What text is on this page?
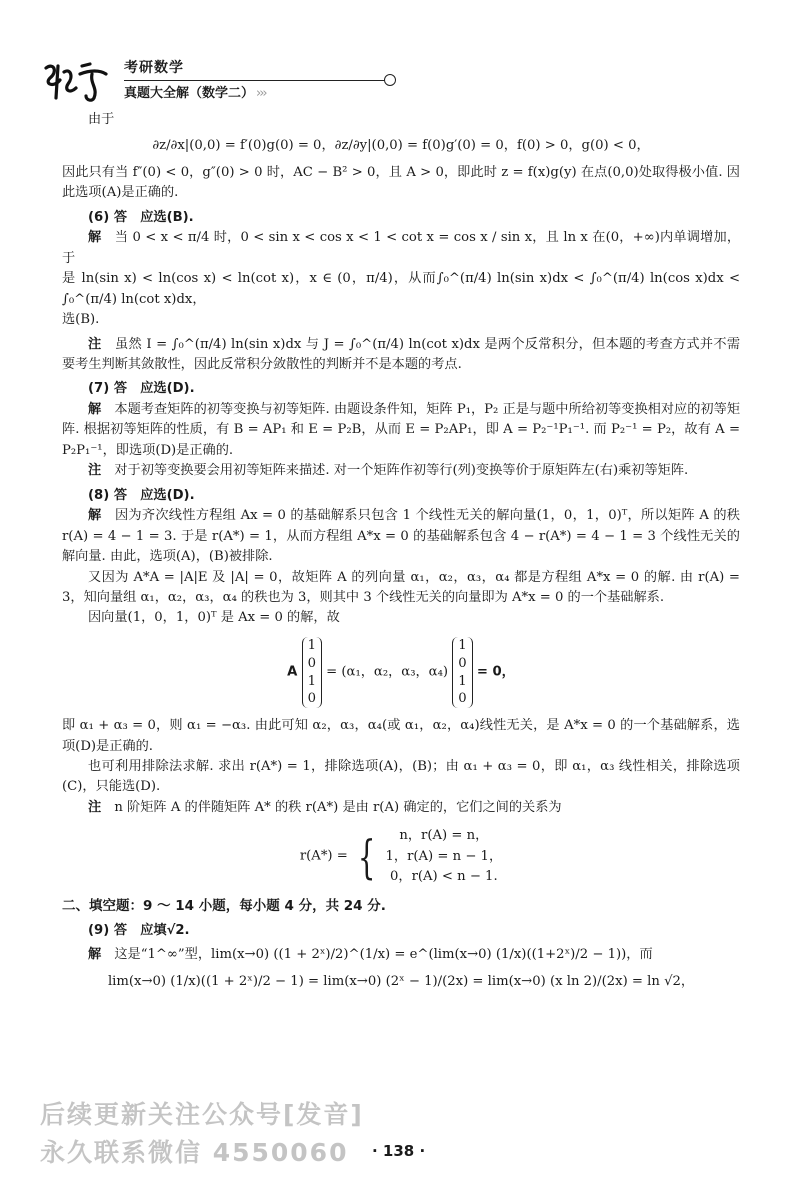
考研数学
真题大全解（数学二） ›››

由于

∂z/∂x|(0,0) = f′(0)g(0) = 0，∂z/∂y|(0,0) = f(0)g′(0) = 0，f(0) > 0，g(0) < 0，

因此只有当 f″(0) < 0，g″(0) > 0 时，AC − B² > 0，且 A > 0，即此时 z = f(x)g(y) 在点(0,0)处取得极小值. 因此选项(A)是正确的.

(6) 答　应选(B).

解　 当 0 < x < π/4 时，0 < sin x < cos x < 1 < cot x = cos x / sin x，且 ln x 在(0，+∞)内单调增加，于

是 ln(sin x) < ln(cos x) < ln(cot x)，x ∈ (0，π/4)，从而∫₀^(π/4) ln(sin x)dx < ∫₀^(π/4) ln(cos x)dx < ∫₀^(π/4) ln(cot x)dx，

选(B).

注　 虽然 I = ∫₀^(π/4) ln(sin x)dx 与 J = ∫₀^(π/4) ln(cot x)dx 是两个反常积分，但本题的考查方式并不需要考生判断其敛散性，因此反常积分敛散性的判断并不是本题的考点.

(7) 答　应选(D).

解　 本题考查矩阵的初等变换与初等矩阵. 由题设条件知，矩阵 P₁，P₂ 正是与题中所给初等变换相对应的初等矩阵. 根据初等矩阵的性质，有 B = AP₁ 和 E = P₂B，从而 E = P₂AP₁，即 A = P₂⁻¹P₁⁻¹. 而 P₂⁻¹ = P₂，故有 A = P₂P₁⁻¹，即选项(D)是正确的.

注　 对于初等变换要会用初等矩阵来描述. 对一个矩阵作初等行(列)变换等价于原矩阵左(右)乘初等矩阵.

(8) 答　应选(D).

解　 因为齐次线性方程组 Ax = 0 的基础解系只包含 1 个线性无关的解向量(1，0，1，0)ᵀ，所以矩阵 A 的秩 r(A) = 4 − 1 = 3. 于是 r(A*) = 1，从而方程组 A*x = 0 的基础解系包含 4 − r(A*) = 4 − 1 = 3 个线性无关的解向量. 由此，选项(A)，(B)被排除.

又因为 A*A = |A|E 及 |A| = 0，故矩阵 A 的列向量 α₁，α₂，α₃，α₄ 都是方程组 A*x = 0 的解. 由 r(A) = 3，知向量组 α₁，α₂，α₃，α₄ 的秩也为 3，则其中 3 个线性无关的向量即为 A*x = 0 的一个基础解系.

因向量(1，0，1，0)ᵀ 是 Ax = 0 的解，故

A
1
0
1
0
= (α₁，α₂，α₃，α₄)
1
0
1
0
= 0，

即 α₁ + α₃ = 0，则 α₁ = −α₃. 由此可知 α₂，α₃，α₄(或 α₁，α₂，α₄)线性无关，是 A*x = 0 的一个基础解系，选项(D)是正确的.

也可利用排除法求解. 求出 r(A*) = 1，排除选项(A)，(B)；由 α₁ + α₃ = 0，即 α₁，α₃ 线性相关，排除选项(C)，只能选(D).

注　 n 阶矩阵 A 的伴随矩阵 A* 的秩 r(A*) 是由 r(A) 确定的，它们之间的关系为

r(A*) = {	n，r(A) = n，
1，r(A) = n − 1，
0，r(A) < n − 1.

二、填空题：9 ～ 14 小题，每小题 4 分，共 24 分.

(9) 答　应填√2.

解　 这是“1^∞”型，lim(x→0) ((1 + 2ˣ)/2)^(1/x) = e^(lim(x→0) (1/x)((1+2ˣ)/2 − 1))，而

lim(x→0) (1/x)((1 + 2ˣ)/2 − 1) = lim(x→0) (2ˣ − 1)/(2x) = lim(x→0) (x ln 2)/(2x) = ln √2，

后续更新关注公众号[发音]
永久联系微信 4550060 · 138 ·
